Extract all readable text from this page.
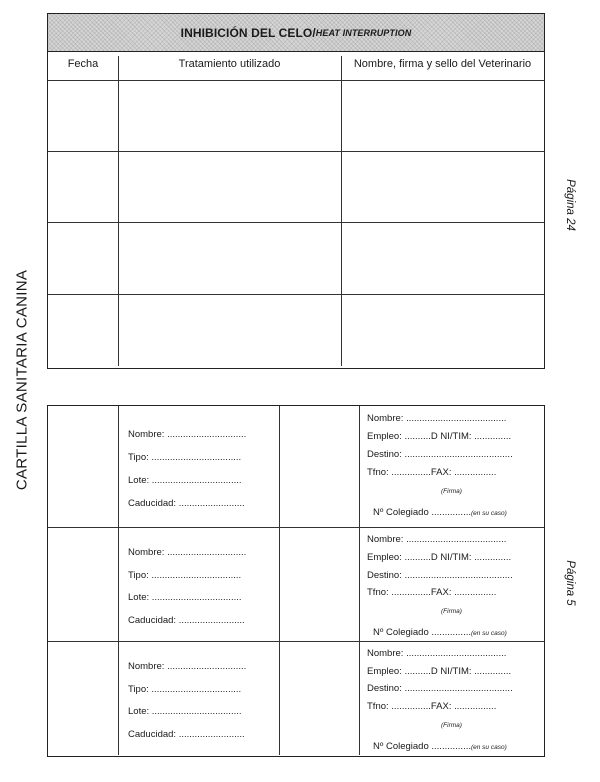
INHIBICIÓN DEL CELO/ HEAT INTERRUPTION
Fecha	Tratamiento utilizado	Nombre, firma y sello del Veterinario
CARTILLA SANITARIA CANINA
Página 24
Página 5
Nombre: ..............................
Tipo: ..................................
Lote: ..................................
Caducidad: .........................
Nombre: ......................................
Empleo: ..........D NI/TIM: ..............
Destino: .........................................
Tfno: ...............FAX: ................
(Firma)
Nº Colegiado ...............(en su caso)
Nombre: ..............................
Tipo: ..................................
Lote: ..................................
Caducidad: .........................
Nombre: ......................................
Empleo: ..........D NI/TIM: ..............
Destino: .........................................
Tfno: ...............FAX: ................
(Firma)
Nº Colegiado ...............(en su caso)
Nombre: ..............................
Tipo: ..................................
Lote: ..................................
Caducidad: .........................
Nombre: ......................................
Empleo: ..........D NI/TIM: ..............
Destino: .........................................
Tfno: ...............FAX: ................
(Firma)
Nº Colegiado ...............(en su caso)
